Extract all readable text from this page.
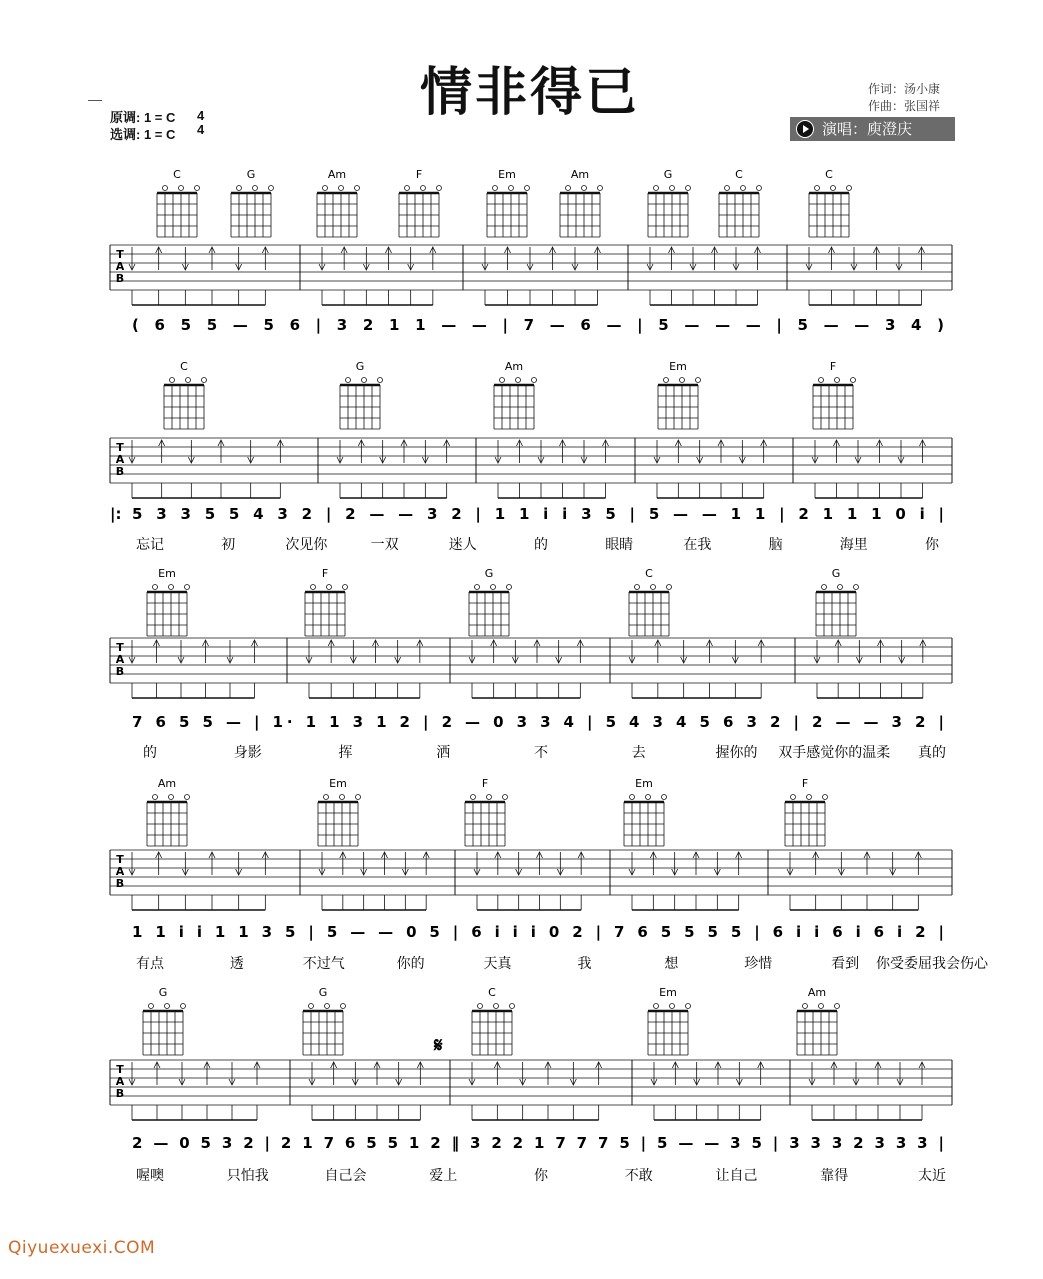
情非得已
原调: 1 = C
选调: 1 = C
4
4
作词：汤小康
作曲：张国祥
演唱：庾澄庆
C	G	Am	F	Em	Am	G	C	C
T
A
B
( 6 5 5 — 5 6 | 3 2 1 1 — — | 7 — 6 — | 5 — — — | 5 — — 3 4 )
C	G	Am	Em	F
T
A
B
5 3 3 5 5 4 3 2 | 2 — — 3 2 | 1 1 i i 3 5 | 5 — — 1 1 | 2 1 1 1 0 i |
|:
忘记	初	次见你	一双	迷人	的	眼睛	在我	脑	海里	你
Em	F	G	C	G
T
A
B
7 6 5 5 — | 1· 1 1 3 1 2 | 2 — 0 3 3 4 | 5 4 3 4 5 6 3 2 | 2 — — 3 2 |
的	身影	挥	洒	不	去	握你的 双手感觉你的温柔 真的
Am	Em	F	Em	F
T
A
B
1 1 i i 1 1 3 5 | 5 — — 0 5 | 6 i i i 0 2 | 7 6 5 5 5 5 | 6 i i 6 i 6 i 2 |
有点	透	不过气	你的	天真	我	想	珍惜	看到 你受委屈我会伤心
G	G	C	Em	Am
T
A
B
2 — 0 5 3 2 | 2 1 7 6 5 5 1 2 ‖ 3 2 2 1 7 7 7 5 | 5 — — 3 5 | 3 3 3 2 3 3 3 |
𝄋
喔噢	只怕我	自己会	爱上	你	不敢	让自己	靠得	太近
Qiyuexuexi.COM
